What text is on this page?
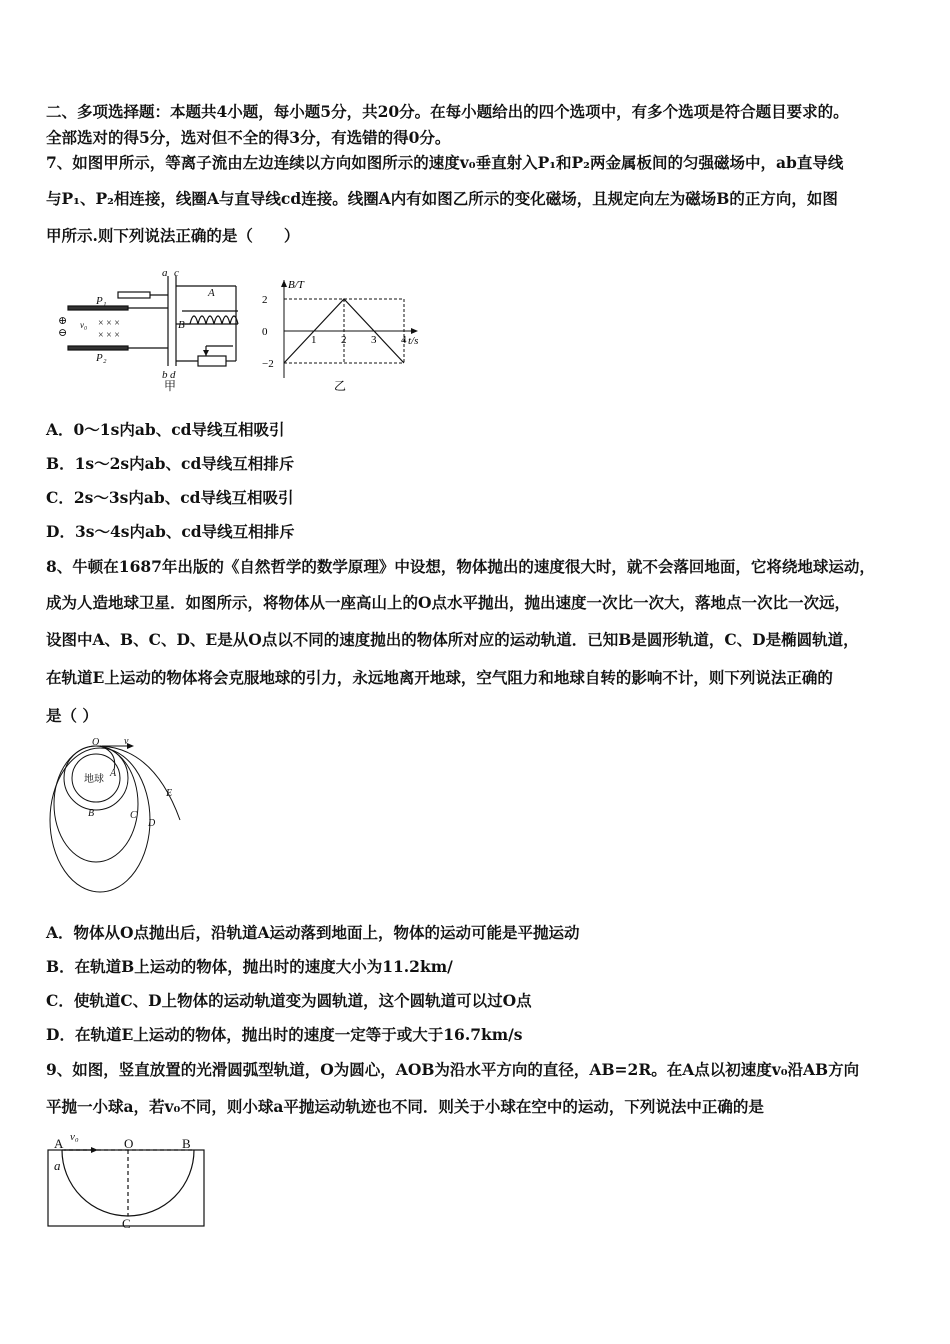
二、多项选择题：本题共4小题，每小题5分，共20分。在每小题给出的四个选项中，有多个选项是符合题目要求的。
全部选对的得5分，选对但不全的得3分，有选错的得0分。
7、如图甲所示，等离子流由左边连续以方向如图所示的速度v₀垂直射入P₁和P₂两金属板间的匀强磁场中，ab直导线
与P₁、P₂相连接，线圈A与直导线cd连接。线圈A内有如图乙所示的变化磁场，且规定向左为磁场B的正方向，如图
甲所示.则下列说法正确的是（　　）
a c
b d
A
B
P₁
P₂
⊕
⊖
v₀ × × ×
× × ×
甲
1 2 3 4
2
0
−2
B/T
t/s
乙
A．0～1s内ab、cd导线互相吸引
B．1s～2s内ab、cd导线互相排斥
C．2s～3s内ab、cd导线互相吸引
D．3s～4s内ab、cd导线互相排斥
8、牛顿在1687年出版的《自然哲学的数学原理》中设想，物体抛出的速度很大时，就不会落回地面，它将绕地球运动，
成为人造地球卫星．如图所示，将物体从一座高山上的O点水平抛出，抛出速度一次比一次大，落地点一次比一次远，
设图中A、B、C、D、E是从O点以不同的速度抛出的物体所对应的运动轨道．已知B是圆形轨道，C、D是椭圆轨道，
在轨道E上运动的物体将会克服地球的引力，永远地离开地球，空气阻力和地球自转的影响不计，则下列说法正确的
是（ ）
地球
O v
A
B	C
D
E
A．物体从O点抛出后，沿轨道A运动落到地面上，物体的运动可能是平抛运动
B．在轨道B上运动的物体，抛出时的速度大小为11.2km/
C．使轨道C、D上物体的运动轨道变为圆轨道，这个圆轨道可以过O点
D．在轨道E上运动的物体，抛出时的速度一定等于或大于16.7km/s
9、如图，竖直放置的光滑圆弧型轨道，O为圆心，AOB为沿水平方向的直径，AB=2R。在A点以初速度v₀沿AB方向
平抛一小球a，若v₀不同，则小球a平抛运动轨迹也不同．则关于小球在空中的运动，下列说法中正确的是
A	O	B
C
a
v₀
